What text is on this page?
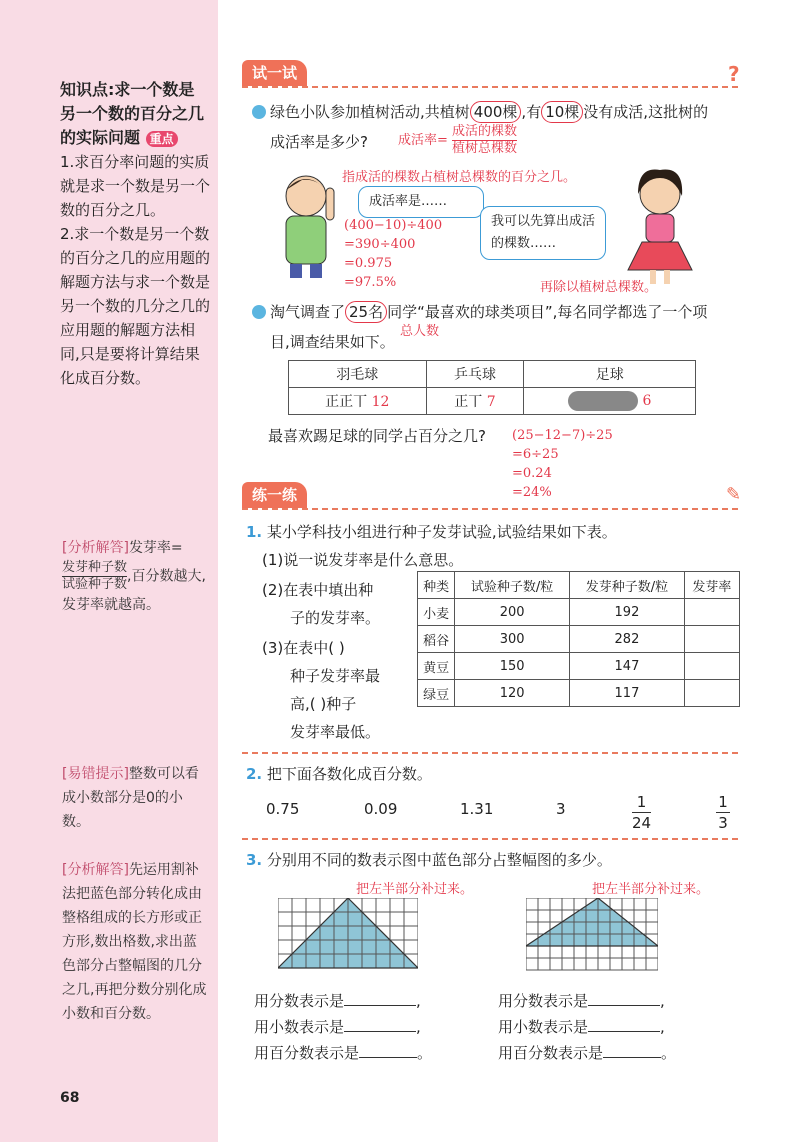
知识点:求一个数是另一个数的百分之几的实际问题 重点
1.求百分率问题的实质就是求一个数是另一个数的百分之几。
2.求一个数是另一个数的百分之几的应用题的解题方法与求一个数是另一个数的几分之几的应用题的解题方法相同,只是要将计算结果化成百分数。
[分析解答]发芽率=
$\frac{\text{发芽种子数}}{\text{试验种子数}}$ ,百分数越大,发芽率就越高。
[易错提示]整数可以看成小数部分是0的小数。
[分析解答]先运用割补法把蓝色部分转化成由整格组成的长方形或正方形,数出格数,求出蓝色部分占整幅图的几分之几,再把分数分别化成小数和百分数。
68
试一试	?
绿色小队参加植树活动,共植树 400棵 ,有 10棵 没有成活,这批树的
成活率是多少? 成活率= $\frac{\text{成活的棵数}}{\text{植树总棵数}}$
指成活的棵数占植树总棵数的百分之几。
成活率是……
(400−10)÷400
=390÷400
=0.975
=97.5%
我可以先算出成活的棵数……
再除以植树总棵数。
淘气调查了 25名 同学“最喜欢的球类项目”,每名同学都选了一个项
目,调查结果如下。
总人数
羽毛球	乒乓球	足球
正正丅 12	正丅 7	6
最喜欢踢足球的同学占百分之几? (25−12−7)÷25
=6÷25
=0.24
=24%
练一练	✎
1. 某小学科技小组进行种子发芽试验,试验结果如下表。
(1)说一说发芽率是什么意思。
(2)在表中填出种
子的发芽率。
(3)在表中( )
种子发芽率最
高,( )种子
发芽率最低。
种类	试验种子数/粒	发芽种子数/粒	发芽率
小麦	200	192	
稻谷	300	282	
黄豆	150	147	
绿豆	120	117	
2. 把下面各数化成百分数。
0.75	0.09	1.31	3	$\frac{1}{24}$	$\frac{1}{3}$
3. 分别用不同的数表示图中蓝色部分占整幅图的多少。
把左半部分补过来。	把左半部分补过来。
用分数表示是	,
用小数表示是	,
用百分数表示是	。
用分数表示是	,
用小数表示是	,
用百分数表示是	。
